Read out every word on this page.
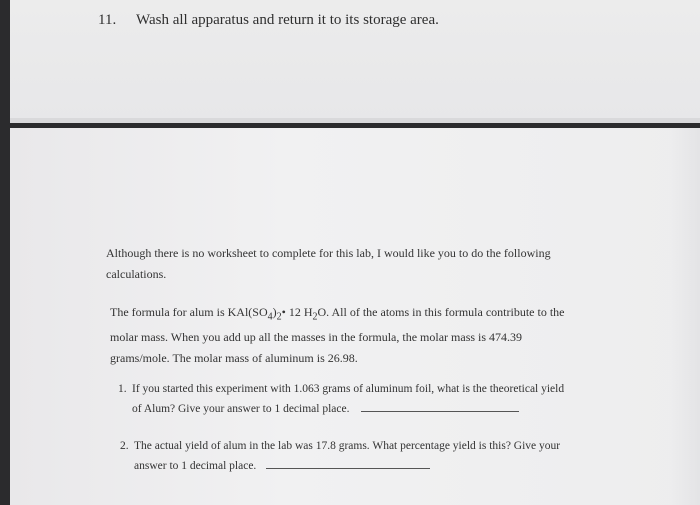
11. Wash all apparatus and return it to its storage area.
Although there is no worksheet to complete for this lab, I would like you to do the following
calculations.
The formula for alum is $KAl(SO_4)_2•$ 12 $H_2O$. All of the atoms in this formula contribute to the
molar mass. When you add up all the masses in the formula, the molar mass is 474.39
grams/mole. The molar mass of aluminum is 26.98.
1. If you started this experiment with 1.063 grams of aluminum foil, what is the theoretical yield
of Alum? Give your answer to 1 decimal place.
2. The actual yield of alum in the lab was 17.8 grams. What percentage yield is this? Give your
answer to 1 decimal place.
